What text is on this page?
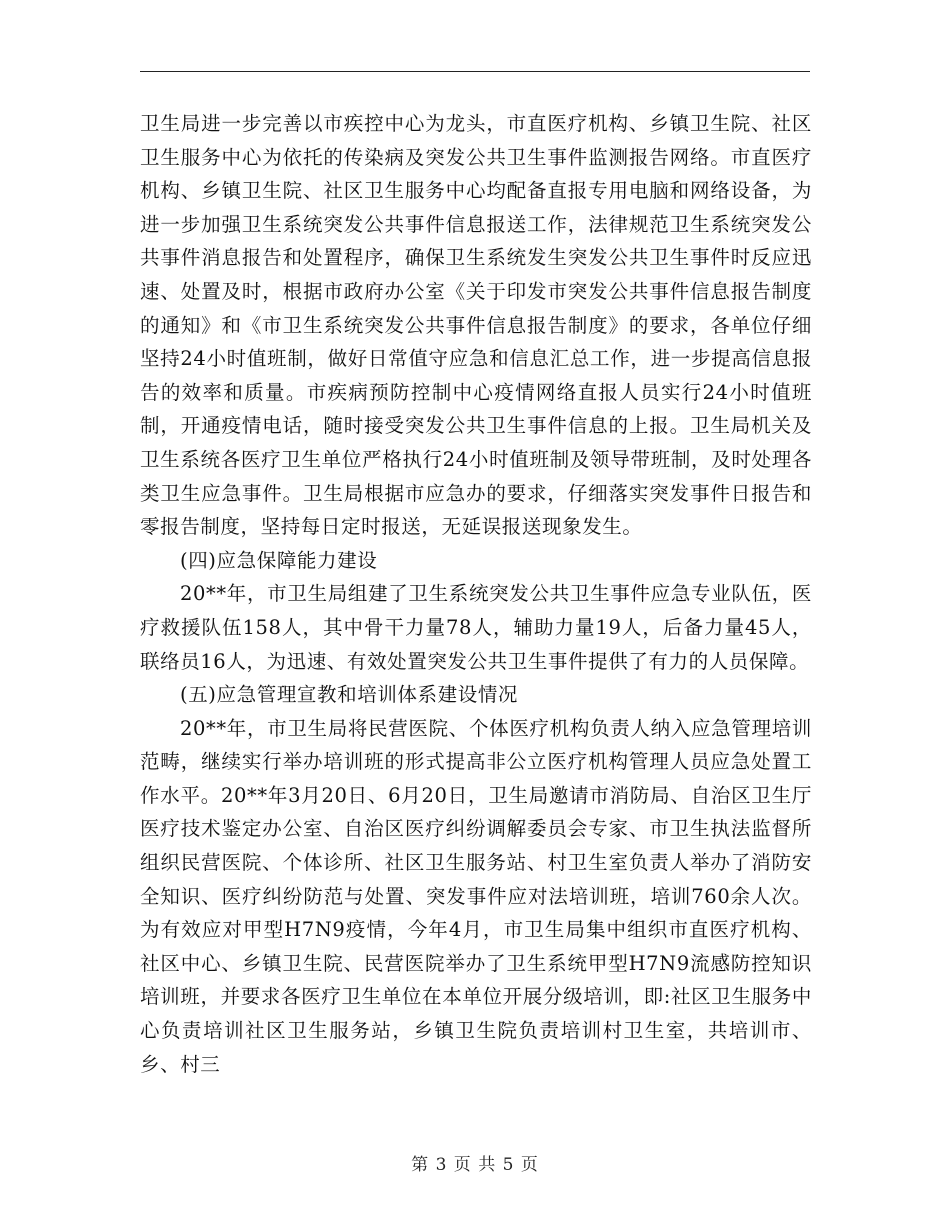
卫生局进一步完善以市疾控中心为龙头，市直医疗机构、乡镇卫生院、社区卫生服务中心为依托的传染病及突发公共卫生事件监测报告网络。市直医疗机构、乡镇卫生院、社区卫生服务中心均配备直报专用电脑和网络设备，为进一步加强卫生系统突发公共事件信息报送工作，法律规范卫生系统突发公共事件消息报告和处置程序，确保卫生系统发生突发公共卫生事件时反应迅速、处置及时，根据市政府办公室《关于印发市突发公共事件信息报告制度的通知》和《市卫生系统突发公共事件信息报告制度》的要求，各单位仔细坚持24小时值班制，做好日常值守应急和信息汇总工作，进一步提高信息报告的效率和质量。市疾病预防控制中心疫情网络直报人员实行24小时值班制，开通疫情电话，随时接受突发公共卫生事件信息的上报。卫生局机关及卫生系统各医疗卫生单位严格执行24小时值班制及领导带班制，及时处理各类卫生应急事件。卫生局根据市应急办的要求，仔细落实突发事件日报告和零报告制度，坚持每日定时报送，无延误报送现象发生。

(四)应急保障能力建设

20**年，市卫生局组建了卫生系统突发公共卫生事件应急专业队伍，医疗救援队伍158人，其中骨干力量78人，辅助力量19人，后备力量45人，联络员16人，为迅速、有效处置突发公共卫生事件提供了有力的人员保障。

(五)应急管理宣教和培训体系建设情况

20**年，市卫生局将民营医院、个体医疗机构负责人纳入应急管理培训范畴，继续实行举办培训班的形式提高非公立医疗机构管理人员应急处置工作水平。20**年3月20日、6月20日，卫生局邀请市消防局、自治区卫生厅医疗技术鉴定办公室、自治区医疗纠纷调解委员会专家、市卫生执法监督所组织民营医院、个体诊所、社区卫生服务站、村卫生室负责人举办了消防安全知识、医疗纠纷防范与处置、突发事件应对法培训班，培训760余人次。为有效应对甲型H7N9疫情，今年4月，市卫生局集中组织市直医疗机构、社区中心、乡镇卫生院、民营医院举办了卫生系统甲型H7N9流感防控知识培训班，并要求各医疗卫生单位在本单位开展分级培训，即:社区卫生服务中心负责培训社区卫生服务站，乡镇卫生院负责培训村卫生室，共培训市、乡、村三

第 3 页 共 5 页
